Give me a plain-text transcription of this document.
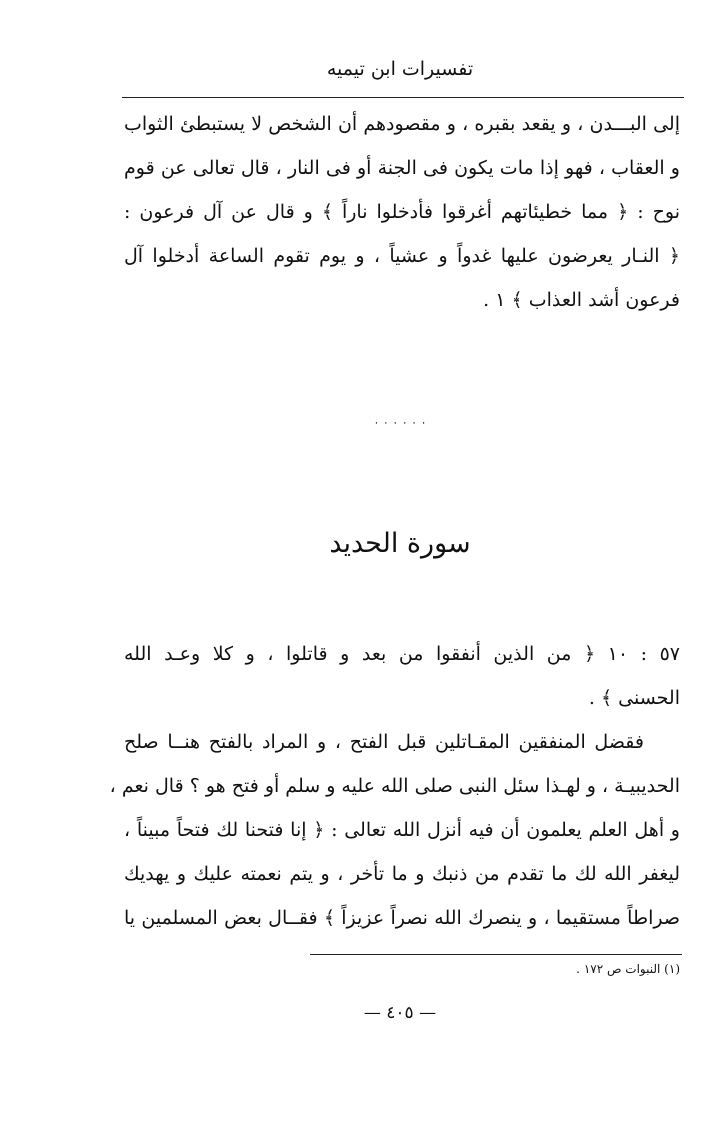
تفسيرات ابن تيميه
إلى البـــدن ، و يقعد بقبره ، و مقصودهم أن الشخص لا يستبطئ الثواب
و العقاب ، فهو إذا مات يكون فى الجنة أو فى النار ، قال تعالى عن قوم
نوح : ﴿ مما خطيئاتهم أغرقوا فأدخلوا ناراً ﴾ و قال عن آل فرعون :
﴿ النـار يعرضون عليها غدواً و عشياً ، و يوم تقوم الساعة أدخلوا آل
فرعون أشد العذاب ﴾ ١ .
٠ ٠ ٠ ٠ ٠ ٠
سورة الحديد
٥٧ : ١٠ ﴿ من الذين أنفقوا من بعد و قاتلوا ، و كلا وعـد الله
الحسنى ﴾ .
فقضل المنفقين المقـاتلين قبل الفتح ، و المراد بالفتح هنــا صلح
الحديبيـة ، و لهـذا سئل النبى صلى الله عليه و سلم أو فتح هو ؟ قال نعم ،
و أهل العلم يعلمون أن فيه أنزل الله تعالى : ﴿ إنا فتحنا لك فتحاً مبيناً ،
ليغفر الله لك ما تقدم من ذنبك و ما تأخر ، و يتم نعمته عليك و يهديك
صراطاً مستقيما ، و ينصرك الله نصراً عزيزاً ﴾ فقــال بعض المسلمين يا
(١) النبوات ص ١٧٢ .
— ٤٠٥ —
